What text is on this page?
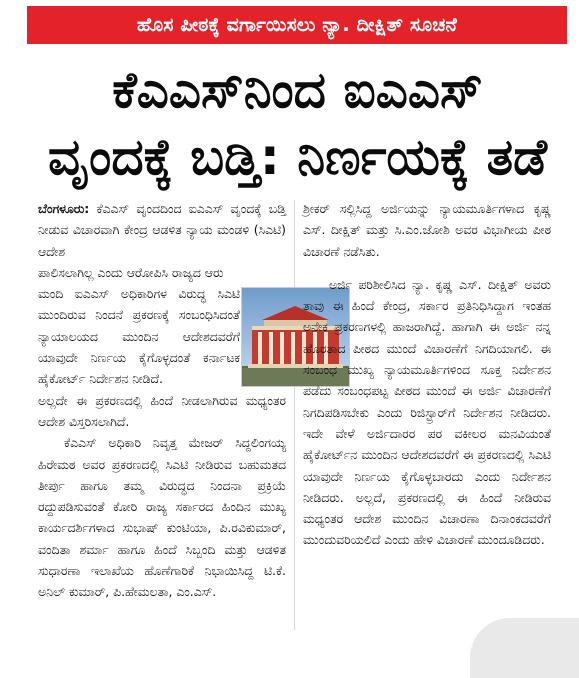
ಹೊಸ ಪೀಠಕ್ಕೆ ವರ್ಗಾಯಿಸಲು ನ್ಯಾ. ದೀಕ್ಷಿತ್ ಸೂಚನೆ
ಕೆಎಎಸ್‌ನಿಂದ ಐಎಎಸ್
ವೃಂದಕ್ಕೆ ಬಡ್ತಿ: ನಿರ್ಣಯಕ್ಕೆ ತಡೆ

ಬೆಂಗಳೂರು: ಕೆಎಎಸ್ ವೃಂದದಿಂದ ಐಎಎಸ್ ವೃಂದಕ್ಕೆ ಬಡ್ತಿ ನೀಡುವ ವಿಚಾರವಾಗಿ ಕೇಂದ್ರ ಆಡಳಿತ ನ್ಯಾಯ ಮಂಡಳಿ (ಸಿಎಟಿ) ಆದೇಶ

ಪಾಲಿಸಲಾಗಿಲ್ಲ ಎಂದು ಆರೋಪಿಸಿ ರಾಜ್ಯದ ಆರು

ಮಂದಿ ಐಎಎಸ್ ಅಧಿಕಾರಿಗಳ ವಿರುದ್ಧ ಸಿಎಟಿ ಮುಂದಿರುವ ನಿಂದನೆ ಪ್ರಕರಣಕ್ಕೆ ಸಂಬಂಧಿಸಿದಂತೆ ನ್ಯಾಯಾಲಯದ ಮುಂದಿನ ಆದೇಶದವರೆಗೆ ಯಾವುದೇ ನಿರ್ಣಯ ಕೈಗೊಳ್ಳದಂತೆ ಕರ್ನಾಟಕ ಹೈಕೋರ್ಟ್ ನಿರ್ದೇಶನ ನೀಡಿದೆ.

ಅಲ್ಲದೇ ಈ ಪ್ರಕರಣದಲ್ಲಿ ಹಿಂದೆ ನೀಡಲಾಗಿರುವ ಮಧ್ಯಂತರ ಆದೇಶ ವಿಸ್ತರಿಸಲಾಗಿದೆ.

ಕೆಎಎಸ್ ಅಧಿಕಾರಿ ನಿವೃತ್ತ ಮೇಜರ್ ಸಿದ್ದಲಿಂಗಯ್ಯ ಹಿರೇಮಠ ಅವರ ಪ್ರಕರಣದಲ್ಲಿ ಸಿಎಟಿ ನೀಡಿರುವ ಬಹುಮತದ ತೀರ್ಪು ಹಾಗೂ ತಮ್ಮ ವಿರುದ್ಧದ ನಿಂದನಾ ಪ್ರಕ್ರಿಯೆ ರದ್ದುಪಡಿಸುವಂತೆ ಕೋರಿ ರಾಜ್ಯ ಸರ್ಕಾರದ ಹಿಂದಿನ ಮುಖ್ಯ ಕಾರ್ಯದರ್ಶಿಗಳಾದ ಸುಭಾಷ್ ಕುಂಟಿಯಾ, ಪಿ.ರವಿಕುಮಾರ್, ವಂದಿತಾ ಶರ್ಮಾ ಹಾಗೂ ಹಿಂದೆ ಸಿಬ್ಬಂದಿ ಮತ್ತು ಆಡಳಿತ ಸುಧಾರಣಾ ಇಲಾಖೆಯ ಹೊಣೆಗಾರಿಕೆ ನಿಭಾಯಿಸಿದ್ದ ಟಿ.ಕೆ. ಅನಿಲ್ ಕುಮಾರ್, ಪಿ.ಹೇಮಲತಾ, ಎಂ.ಎಸ್.

ಶ್ರೀಕರ್ ಸಲ್ಲಿಸಿದ್ದ ಅರ್ಜಿಯನ್ನು ನ್ಯಾಯಮೂರ್ತಿಗಳಾದ ಕೃಷ್ಣ ಎಸ್. ದೀಕ್ಷಿತ್ ಮತ್ತು ಸಿ.ಎಂ.ಜೋಶಿ ಅವರ ವಿಭಾಗೀಯ ಪೀಠ ವಿಚಾರಣೆ ನಡೆಸಿತು.

ಅರ್ಜಿ ಪರಿಶೀಲಿಸಿದ ನ್ಯಾ. ಕೃಷ್ಣ ಎಸ್. ದೀಕ್ಷಿತ್ ಅವರು ತಾವು ಈ ಹಿಂದೆ ಕೇಂದ್ರ, ಸರ್ಕಾರ ಪ್ರತಿನಿಧಿಸಿದ್ದಾಗ ಇಂತಹ ಅನೇಕ ಪ್ರಕರಣಗಳಲ್ಲಿ ಹಾಜರಾಗಿದ್ದೆ. ಹಾಗಾಗಿ ಈ ಅರ್ಜಿ ನನ್ನ ಹೊರತಾದ ಪೀಠದ ಮುಂದೆ ವಿಚಾರಣೆಗೆ ನಿಗದಿಯಾಗಲಿ. ಈ ಸಂಬಂಧ ಮುಖ್ಯ ನ್ಯಾಯಮೂರ್ತಿಗಳಿಂದ ಸೂಕ್ತ ನಿರ್ದೇಶನ ಪಡೆದು ಸಂಬಂಧಪಟ್ಟ ಪೀಠದ ಮುಂದೆ ಈ ಅರ್ಜಿ ವಿಚಾರಣೆಗೆ ನಿಗದಿಪಡಿಸಬೇಕು ಎಂದು ರಿಜಿಸ್ಟ್ರಾರ್‌ಗೆ ನಿರ್ದೇಶನ ನೀಡಿದರು. ಇದೇ ವೇಳೆ ಅರ್ಜಿದಾರರ ಪರ ವಕೀಲರ ಮನವಿಯಂತೆ ಹೈಕೋರ್ಟ್‌ನ ಮುಂದಿನ ಆದೇಶದವರೆಗೆ ಈ ಪ್ರಕರಣದಲ್ಲಿ ಸಿಎಟಿ ಯಾವುದೇ ನಿರ್ಣಯ ಕೈಗೊಳ್ಳಬಾರದು ಎಂದು ನಿರ್ದೇಶನ ನೀಡಿದರು. ಅಲ್ಲದೆ, ಪ್ರಕರಣದಲ್ಲಿ ಈ ಹಿಂದೆ ನೀಡಿರುವ ಮಧ್ಯಂತರ ಆದೇಶ ಮುಂದಿನ ವಿಚಾರಣಾ ದಿನಾಂಕದವರೆಗೆ ಮುಂದುವರಿಯಲಿದೆ ಎಂದು ಹೇಳಿ ವಿಚಾರಣೆ ಮುಂದೂಡಿದರು.
